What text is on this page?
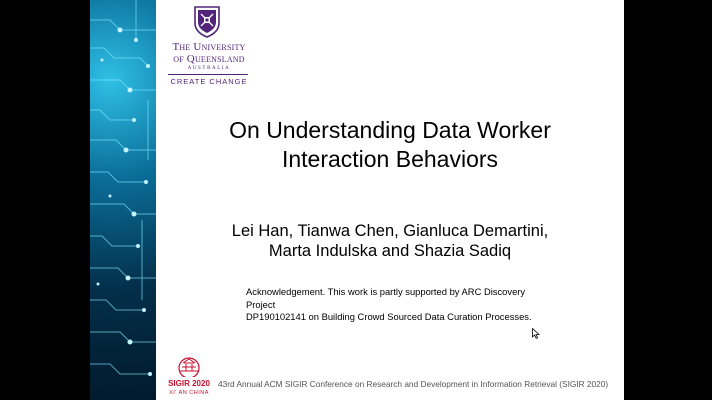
The University
of Queensland
AUSTRALIA
CREATE CHANGE
On Understanding Data Worker
Interaction Behaviors
Lei Han, Tianwa Chen, Gianluca Demartini,
Marta Indulska and Shazia Sadiq
Acknowledgement. This work is partly supported by ARC Discovery Project
DP190102141 on Building Crowd Sourced Data Curation Processes.
SIGIR 2020
XI' AN CHINA
43rd Annual ACM SIGIR Conference on Research and Development in Information Retrieval (SIGIR 2020)
